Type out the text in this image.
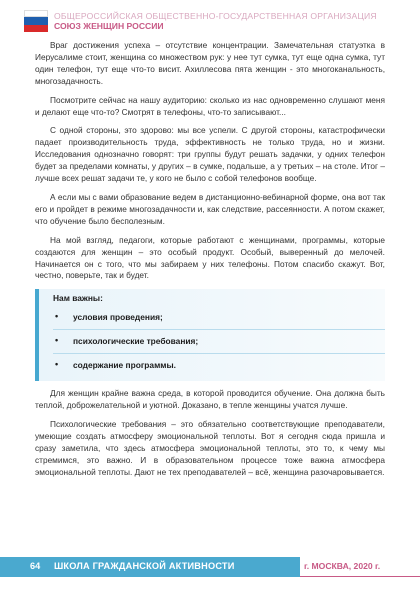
ОБЩЕРОССИЙСКАЯ ОБЩЕСТВЕННО-ГОСУДАРСТВЕННАЯ ОРГАНИЗАЦИЯ
СОЮЗ ЖЕНЩИН РОССИИ

Враг достижения успеха – отсутствие концентрации. Замечательная статуэтка в Иерусалиме стоит, женщина со множеством рук: у нее тут сумка, тут еще одна сумка, тут один телефон, тут еще что-то висит. Ахиллесова пята женщин - это многоканальность, многозадачность.

Посмотрите сейчас на нашу аудиторию: сколько из нас одновременно слушают меня и делают еще что-то? Смотрят в телефоны, что-то записывают...

С одной стороны, это здорово: мы все успели. С другой стороны, катастрофически падает производительность труда, эффективность не только труда, но и жизни. Исследования однозначно говорят: три группы будут решать задачки, у одних телефон будет за пределами комнаты, у других – в сумке, подальше, а у третьих – на столе. Итог – лучше всех решат задачи те, у кого не было с собой телефонов вообще.

А если мы с вами образование ведем в дистанционно-вебинарной форме, она вот так его и пройдет в режиме многозадачности и, как следствие, рассеянности. А потом скажет, что обучение было бесполезным.

На мой взгляд, педагоги, которые работают с женщинами, программы, которые создаются для женщин – это особый продукт. Особый, выверенный до мелочей. Начинается он с того, что мы забираем у них телефоны. Потом спасибо скажут. Вот, честно, поверьте, так и будет.

Нам важны:
• условия проведения;
• психологические требования;
• содержание программы.

Для женщин крайне важна среда, в которой проводится обучение. Она должна быть теплой, доброжелательной и уютной. Доказано, в тепле женщины учатся лучше.

Психологические требования – это обязательно соответствующие преподаватели, умеющие создать атмосферу эмоциональной теплоты. Вот я сегодня сюда пришла и сразу заметила, что здесь атмосфера эмоциональной теплоты, это то, к чему мы стремимся, это важно. И в образовательном процессе тоже важна атмосфера эмоциональной теплоты. Дают не тех преподавателей – всё, женщина разочаровывается.

64 ШКОЛА ГРАЖДАНСКОЙ АКТИВНОСТИ	г. МОСКВА, 2020 г.
